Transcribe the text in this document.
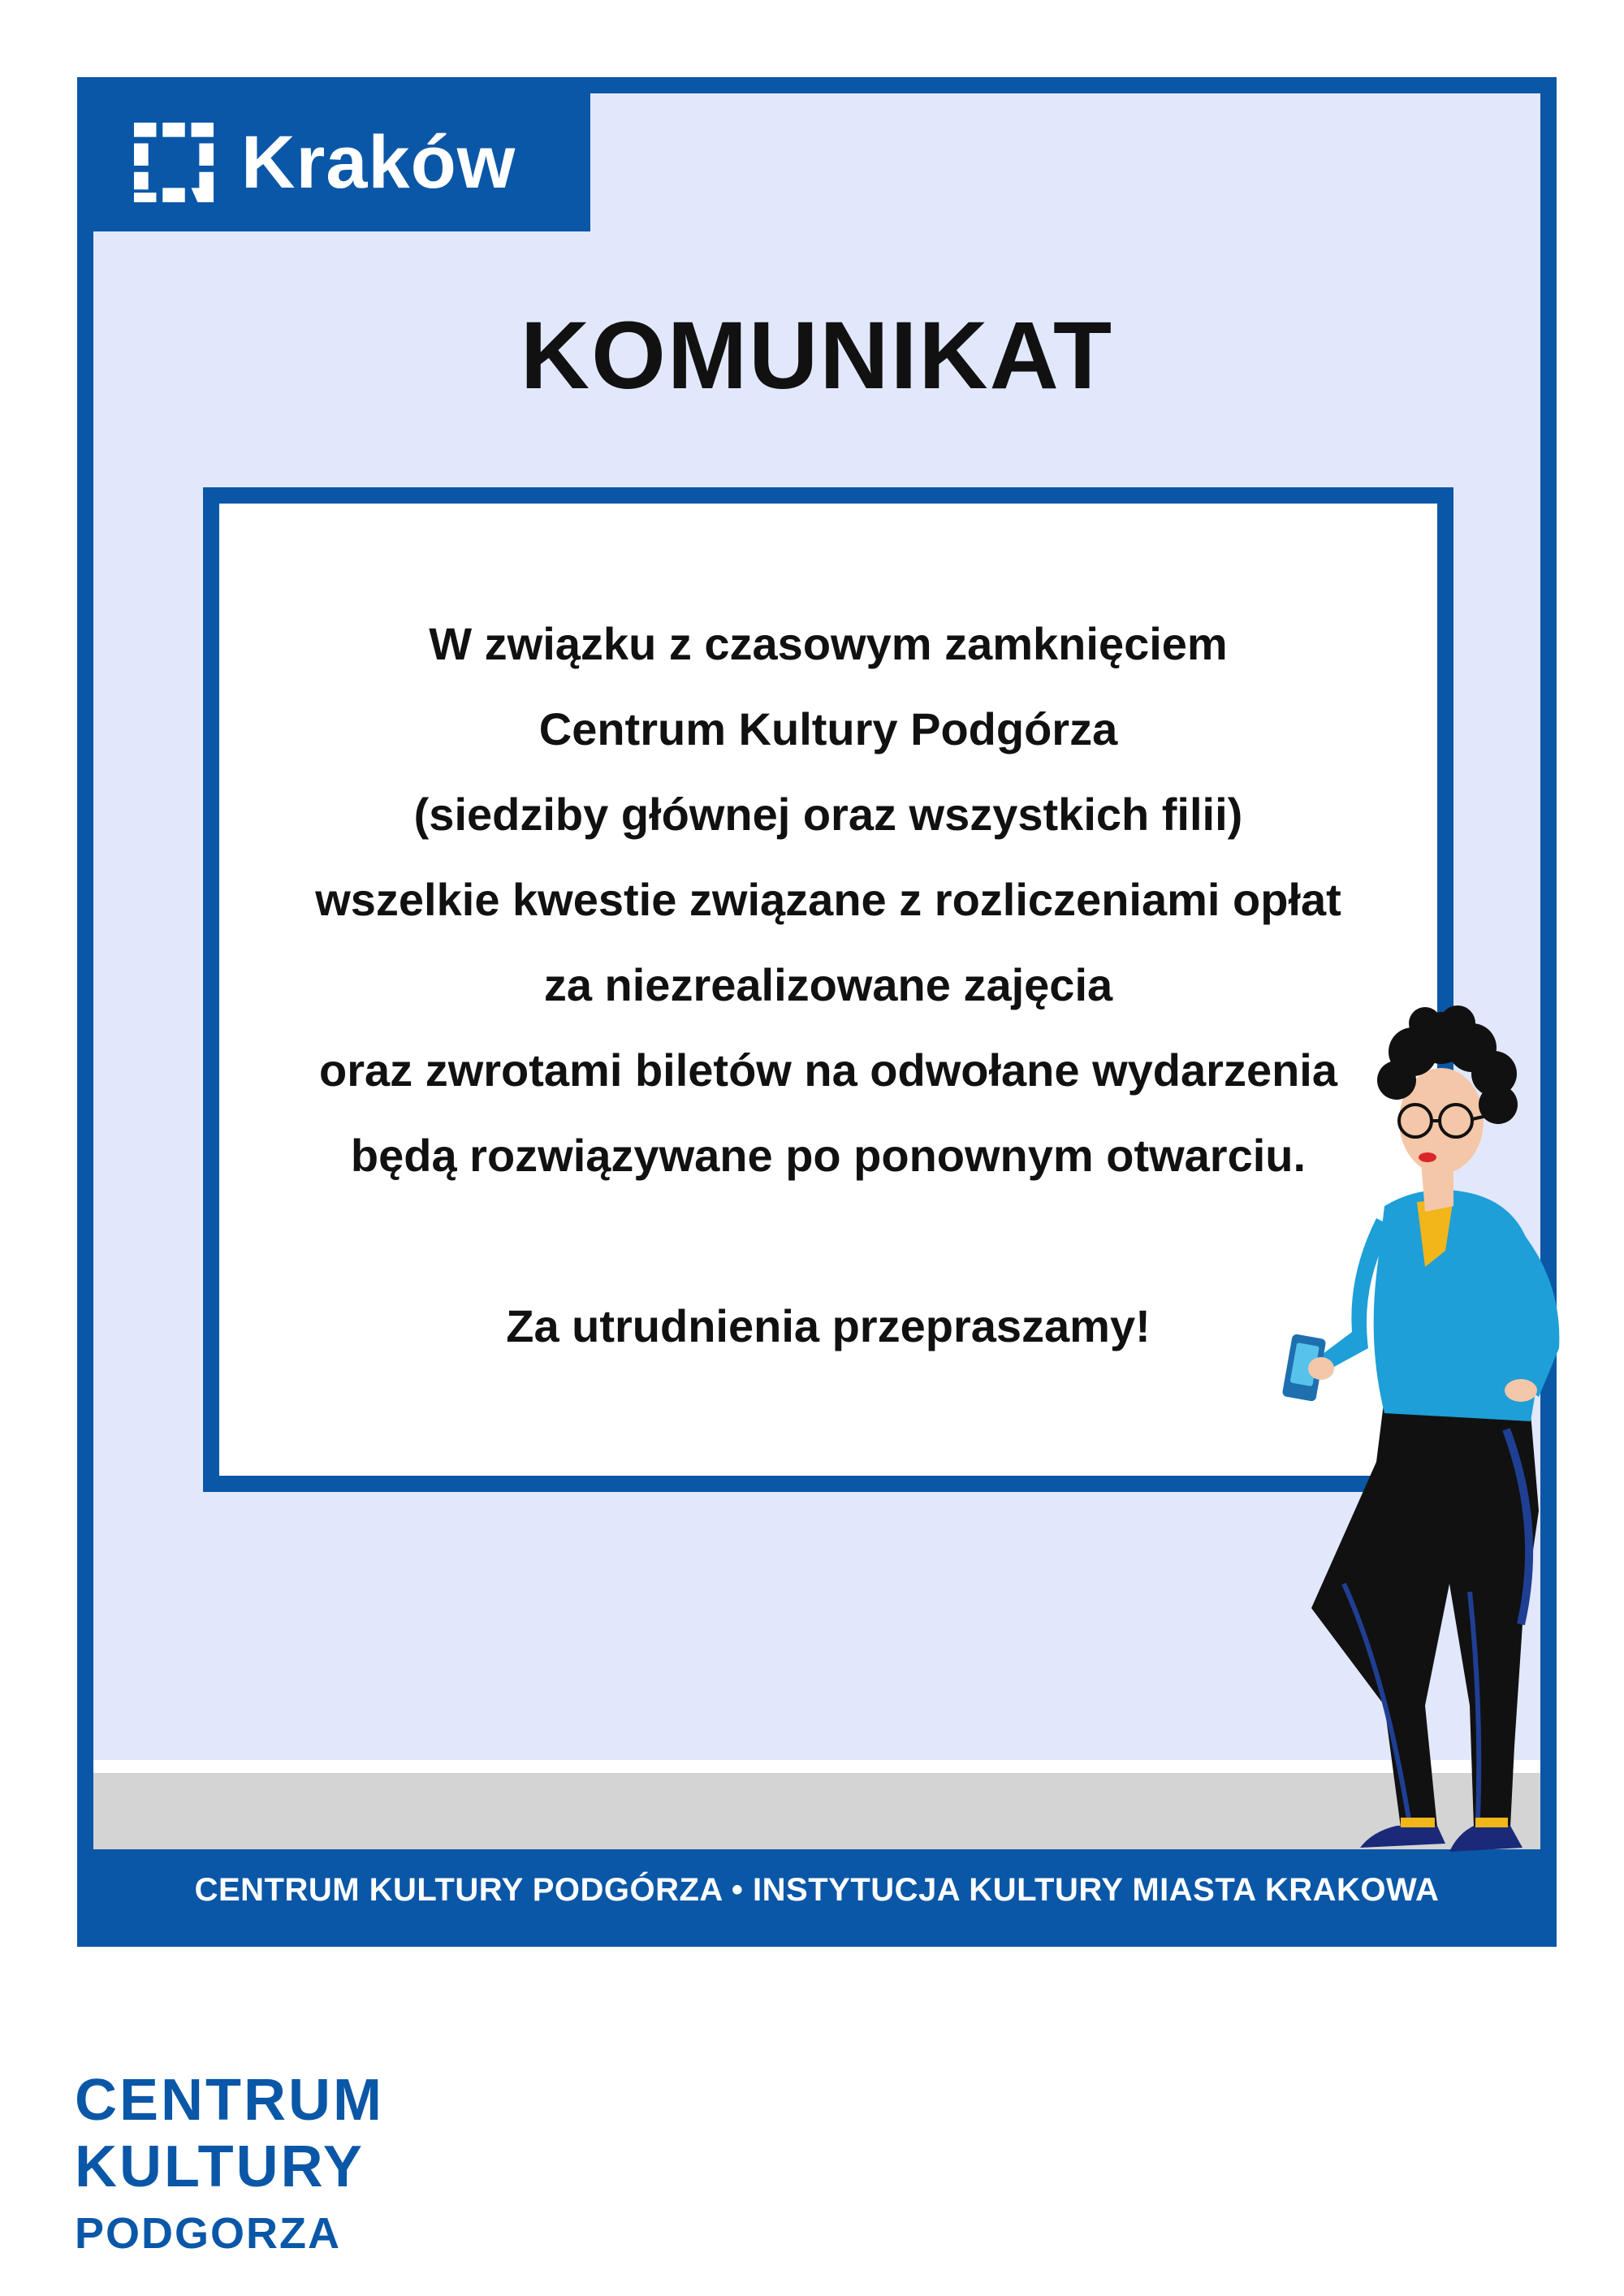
Kraków
KOMUNIKAT

W związku z czasowym zamknięciem

Centrum Kultury Podgórza

(siedziby głównej oraz wszystkich filii)

wszelkie kwestie związane z rozliczeniami opłat

za niezrealizowane zajęcia

oraz zwrotami biletów na odwołane wydarzenia

będą rozwiązywane po ponownym otwarciu.

Za utrudnienia przepraszamy!

CENTRUM KULTURY PODGÓRZA • INSTYTUCJA KULTURY MIASTA KRAKOWA
CENTRUM
KULTURY
PODGORZA
